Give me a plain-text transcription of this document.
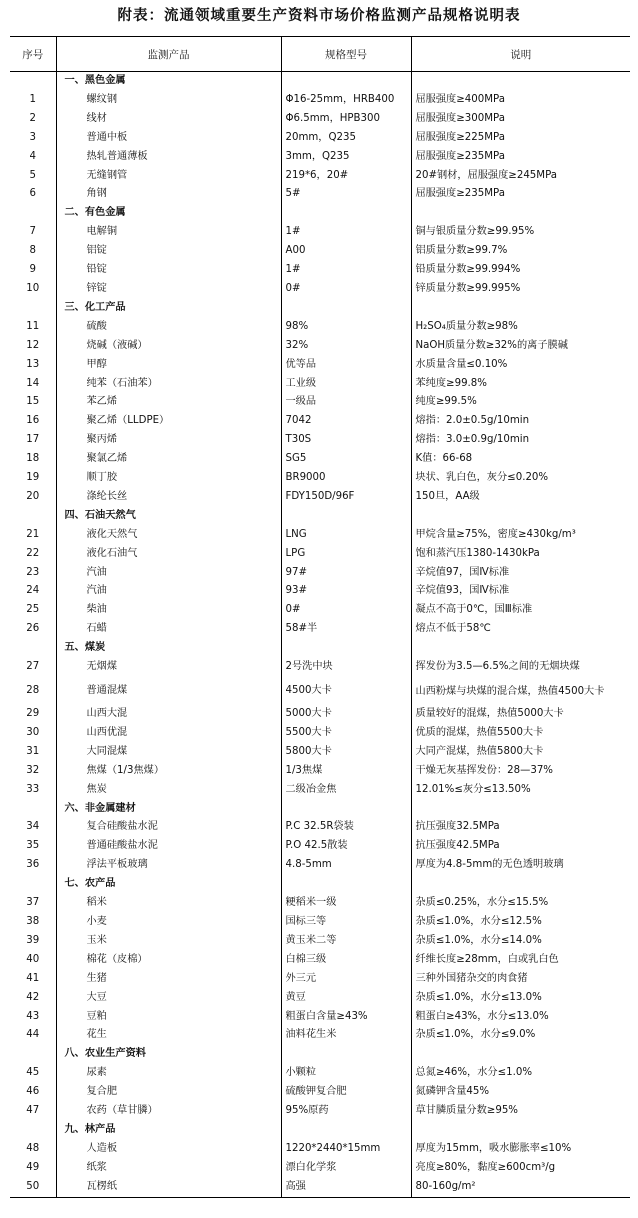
附表：流通领域重要生产资料市场价格监测产品规格说明表
序号	监测产品	规格型号	说明
	一、黑色金属		
1	螺纹钢	Φ16-25mm，HRB400	屈服强度≥400MPa
2	线材	Φ6.5mm，HPB300	屈服强度≥300MPa
3	普通中板	20mm，Q235	屈服强度≥225MPa
4	热轧普通薄板	3mm，Q235	屈服强度≥235MPa
5	无缝钢管	219*6，20#	20#钢材，屈服强度≥245MPa
6	角钢	5#	屈服强度≥235MPa
	二、有色金属		
7	电解铜	1#	铜与银质量分数≥99.95%
8	铝锭	A00	铝质量分数≥99.7%
9	铅锭	1#	铅质量分数≥99.994%
10	锌锭	0#	锌质量分数≥99.995%
	三、化工产品		
11	硫酸	98%	H₂SO₄质量分数≥98%
12	烧碱（液碱）	32%	NaOH质量分数≥32%的离子膜碱
13	甲醇	优等品	水质量含量≤0.10%
14	纯苯（石油苯）	工业级	苯纯度≥99.8%
15	苯乙烯	一级品	纯度≥99.5%
16	聚乙烯（LLDPE）	7042	熔指：2.0±0.5g/10min
17	聚丙烯	T30S	熔指：3.0±0.9g/10min
18	聚氯乙烯	SG5	K值：66-68
19	顺丁胶	BR9000	块状、乳白色，灰分≤0.20%
20	涤纶长丝	FDY150D/96F	150旦，AA级
	四、石油天然气		
21	液化天然气	LNG	甲烷含量≥75%，密度≥430kg/m³
22	液化石油气	LPG	饱和蒸汽压1380-1430kPa
23	汽油	97#	辛烷值97，国Ⅳ标准
24	汽油	93#	辛烷值93，国Ⅳ标准
25	柴油	0#	凝点不高于0℃，国Ⅲ标准
26	石蜡	58#半	熔点不低于58℃
	五、煤炭		
27	无烟煤	2号洗中块	挥发份为3.5—6.5%之间的无烟块煤
28	普通混煤	4500大卡	山西粉煤与块煤的混合煤，热值4500大卡
29	山西大混	5000大卡	质量较好的混煤，热值5000大卡
30	山西优混	5500大卡	优质的混煤，热值5500大卡
31	大同混煤	5800大卡	大同产混煤，热值5800大卡
32	焦煤（1/3焦煤）	1/3焦煤	干燥无灰基挥发份：28—37%
33	焦炭	二级冶金焦	12.01%≤灰分≤13.50%
	六、非金属建材		
34	复合硅酸盐水泥	P.C 32.5R袋装	抗压强度32.5MPa
35	普通硅酸盐水泥	P.O 42.5散装	抗压强度42.5MPa
36	浮法平板玻璃	4.8-5mm	厚度为4.8-5mm的无色透明玻璃
	七、农产品		
37	稻米	粳稻米一级	杂质≤0.25%，水分≤15.5%
38	小麦	国标三等	杂质≤1.0%，水分≤12.5%
39	玉米	黄玉米二等	杂质≤1.0%，水分≤14.0%
40	棉花（皮棉）	白棉三级	纤维长度≥28mm，白或乳白色
41	生猪	外三元	三种外国猪杂交的肉食猪
42	大豆	黄豆	杂质≤1.0%，水分≤13.0%
43	豆粕	粗蛋白含量≥43%	粗蛋白≥43%，水分≤13.0%
44	花生	油料花生米	杂质≤1.0%，水分≤9.0%
	八、农业生产资料		
45	尿素	小颗粒	总氮≥46%，水分≤1.0%
46	复合肥	硫酸钾复合肥	氮磷钾含量45%
47	农药（草甘膦）	95%原药	草甘膦质量分数≥95%
	九、林产品		
48	人造板	1220*2440*15mm	厚度为15mm，吸水膨胀率≤10%
49	纸浆	漂白化学浆	亮度≥80%，黏度≥600cm³/g
50	瓦楞纸	高强	80-160g/m²
